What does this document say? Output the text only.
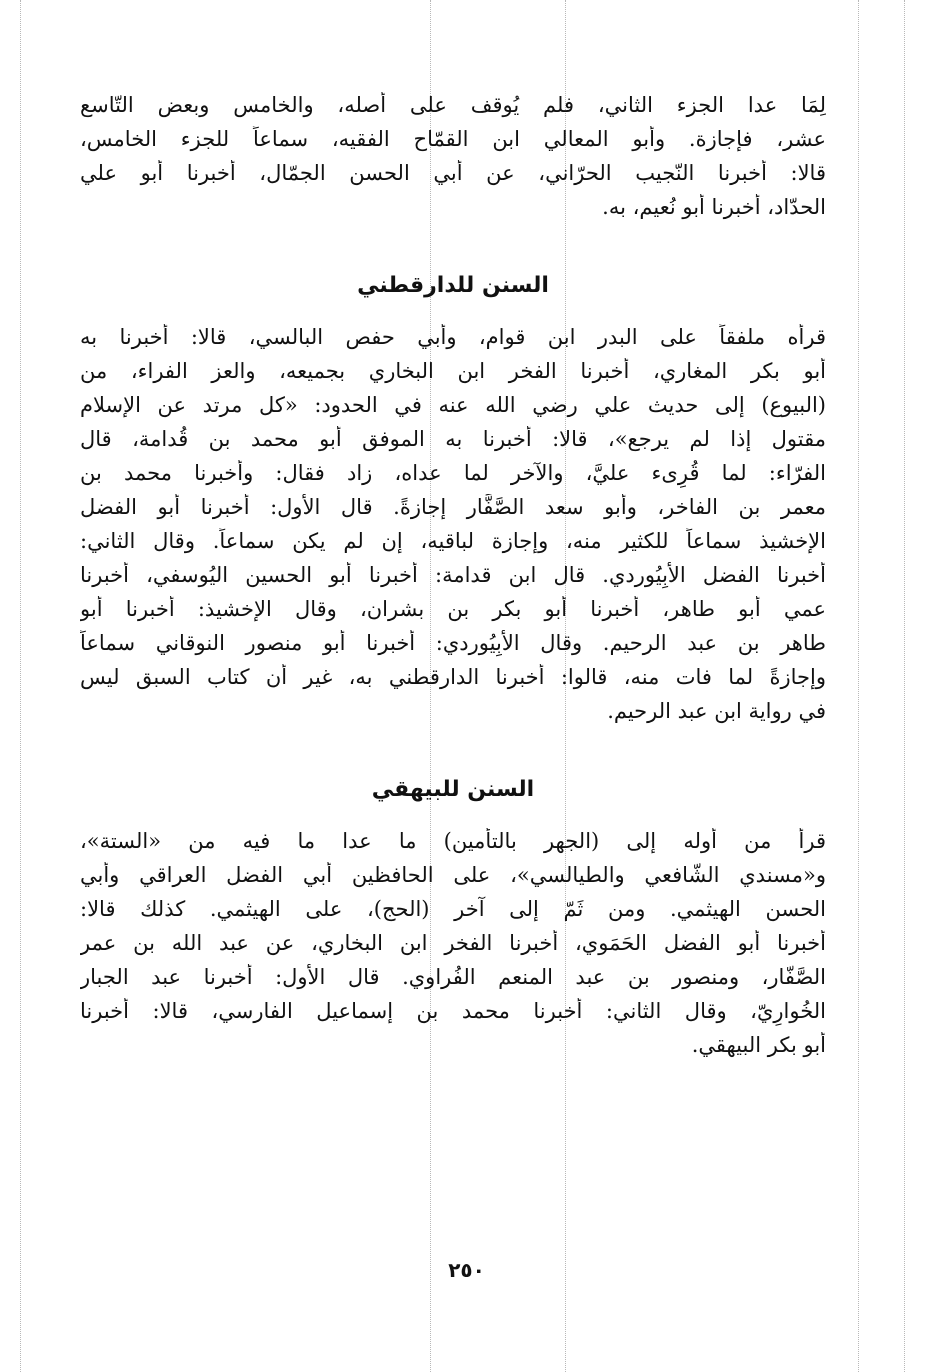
لِمَا عدا الجزء الثاني، فلم يُوقف على أصله، والخامس وبعض التّاسع
عشر، فإجازة. وأبو المعالي ابن القمّاح الفقيه، سماعاً للجزء الخامس،
قالا: أخبرنا النّجيب الحرّاني، عن أبي الحسن الجمّال، أخبرنا أبو علي
الحدّاد، أخبرنا أبو نُعيم، به.
السنن للدارقطني
قرأه ملفقاً على البدر ابن قوام، وأبي حفص البالسي، قالا: أخبرنا به
أبو بكر المغاري، أخبرنا الفخر ابن البخاري بجميعه، والعز الفراء، من
(البيوع) إلى حديث علي رضي الله عنه في الحدود: «كل مرتد عن الإسلام
مقتول إذا لم يرجع»، قالا: أخبرنا به الموفق أبو محمد بن قُدامة، قال
الفرّاء: لما قُرِىء عليَّ، والآخر لما عداه، زاد فقال: وأخبرنا محمد بن
معمر بن الفاخر، وأبو سعد الصَّفَّار إجازةً. قال الأول: أخبرنا أبو الفضل
الإخشيذ سماعاً للكثير منه، وإجازة لباقيه، إن لم يكن سماعاً. وقال الثاني:
أخبرنا الفضل الأبِيُوردي. قال ابن قدامة: أخبرنا أبو الحسين اليُوسفي، أخبرنا
عمي أبو طاهر، أخبرنا أبو بكر بن بشران، وقال الإخشيذ: أخبرنا أبو
طاهر بن عبد الرحيم. وقال الأبِيُوردي: أخبرنا أبو منصور النوقاني سماعاً
وإجازةً لما فات منه، قالوا: أخبرنا الدارقطني به، غير أن كتاب السبق ليس
في رواية ابن عبد الرحيم.
السنن للبيهقي
قرأ من أوله إلى (الجهر بالتأمين) ما عدا ما فيه من «الستة»،
و«مسندي الشّافعي والطيالسي»، على الحافظين أبي الفضل العراقي وأبي
الحسن الهيثمي. ومن ثَمّ إلى آخر (الحج)، على الهيثمي. كذلك قالا:
أخبرنا أبو الفضل الحَمَوي، أخبرنا الفخر ابن البخاري، عن عبد الله بن عمر
الصَّفّار، ومنصور بن عبد المنعم الفُراوي. قال الأول: أخبرنا عبد الجبار
الخُوارِيّ، وقال الثاني: أخبرنا محمد بن إسماعيل الفارسي، قالا: أخبرنا
أبو بكر البيهقي.
٢٥٠
